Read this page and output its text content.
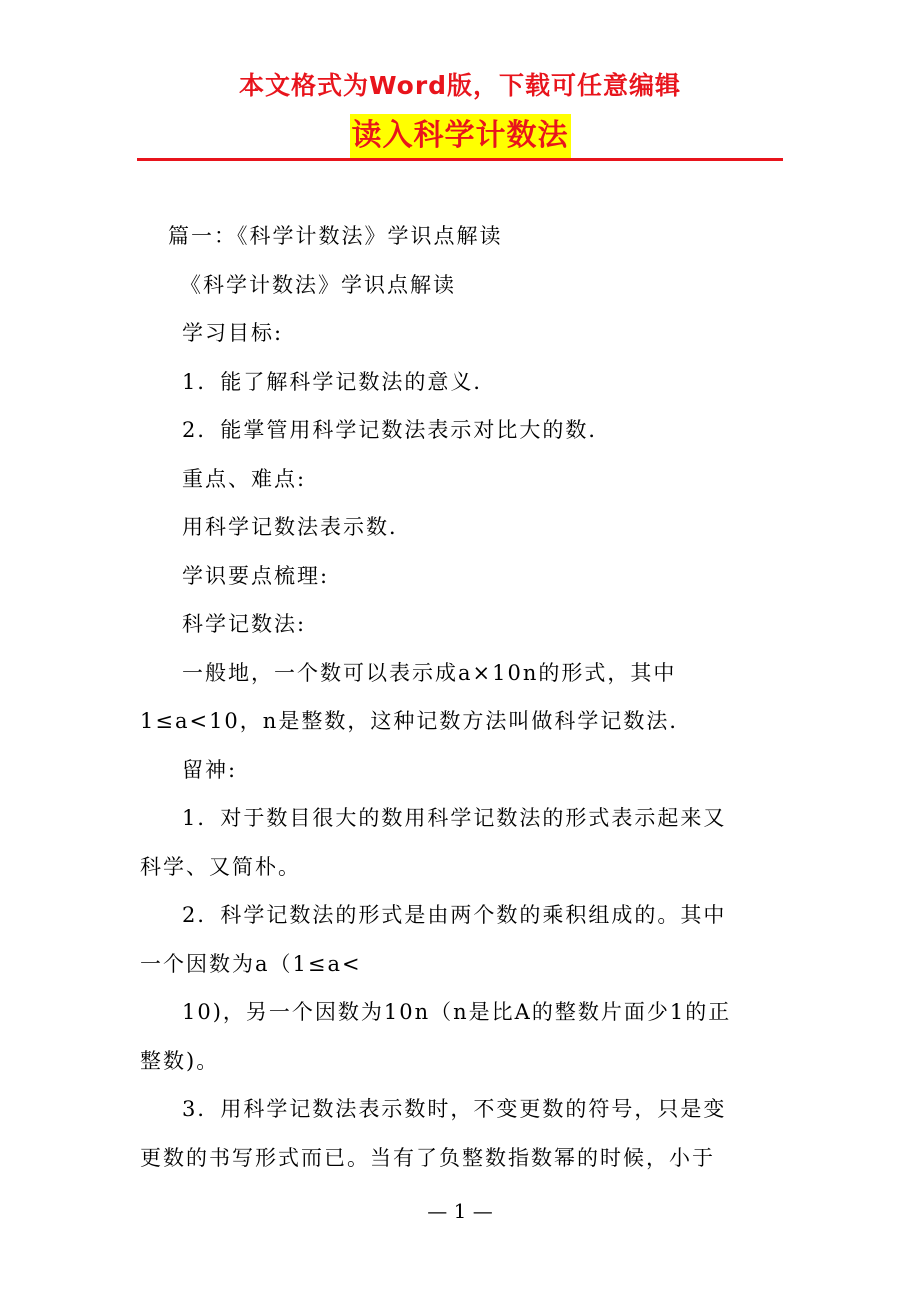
本文格式为Word版，下载可任意编辑
读入科学计数法

篇一：《科学计数法》学识点解读

《科学计数法》学识点解读

学习目标:

1．能了解科学记数法的意义．

2．能掌管用科学记数法表示对比大的数．

重点、难点:

用科学记数法表示数．

学识要点梳理:

科学记数法:

一般地，一个数可以表示成a×10n的形式，其中

1≤a<10，n是整数，这种记数方法叫做科学记数法．

留神:

1．对于数目很大的数用科学记数法的形式表示起来又

科学、又简朴。

2．科学记数法的形式是由两个数的乘积组成的。其中

一个因数为a（1≤a<

10)，另一个因数为10n（n是比A的整数片面少1的正

整数)。

3．用科学记数法表示数时，不变更数的符号，只是变

更数的书写形式而已。当有了负整数指数幂的时候，小于

— 1 —
